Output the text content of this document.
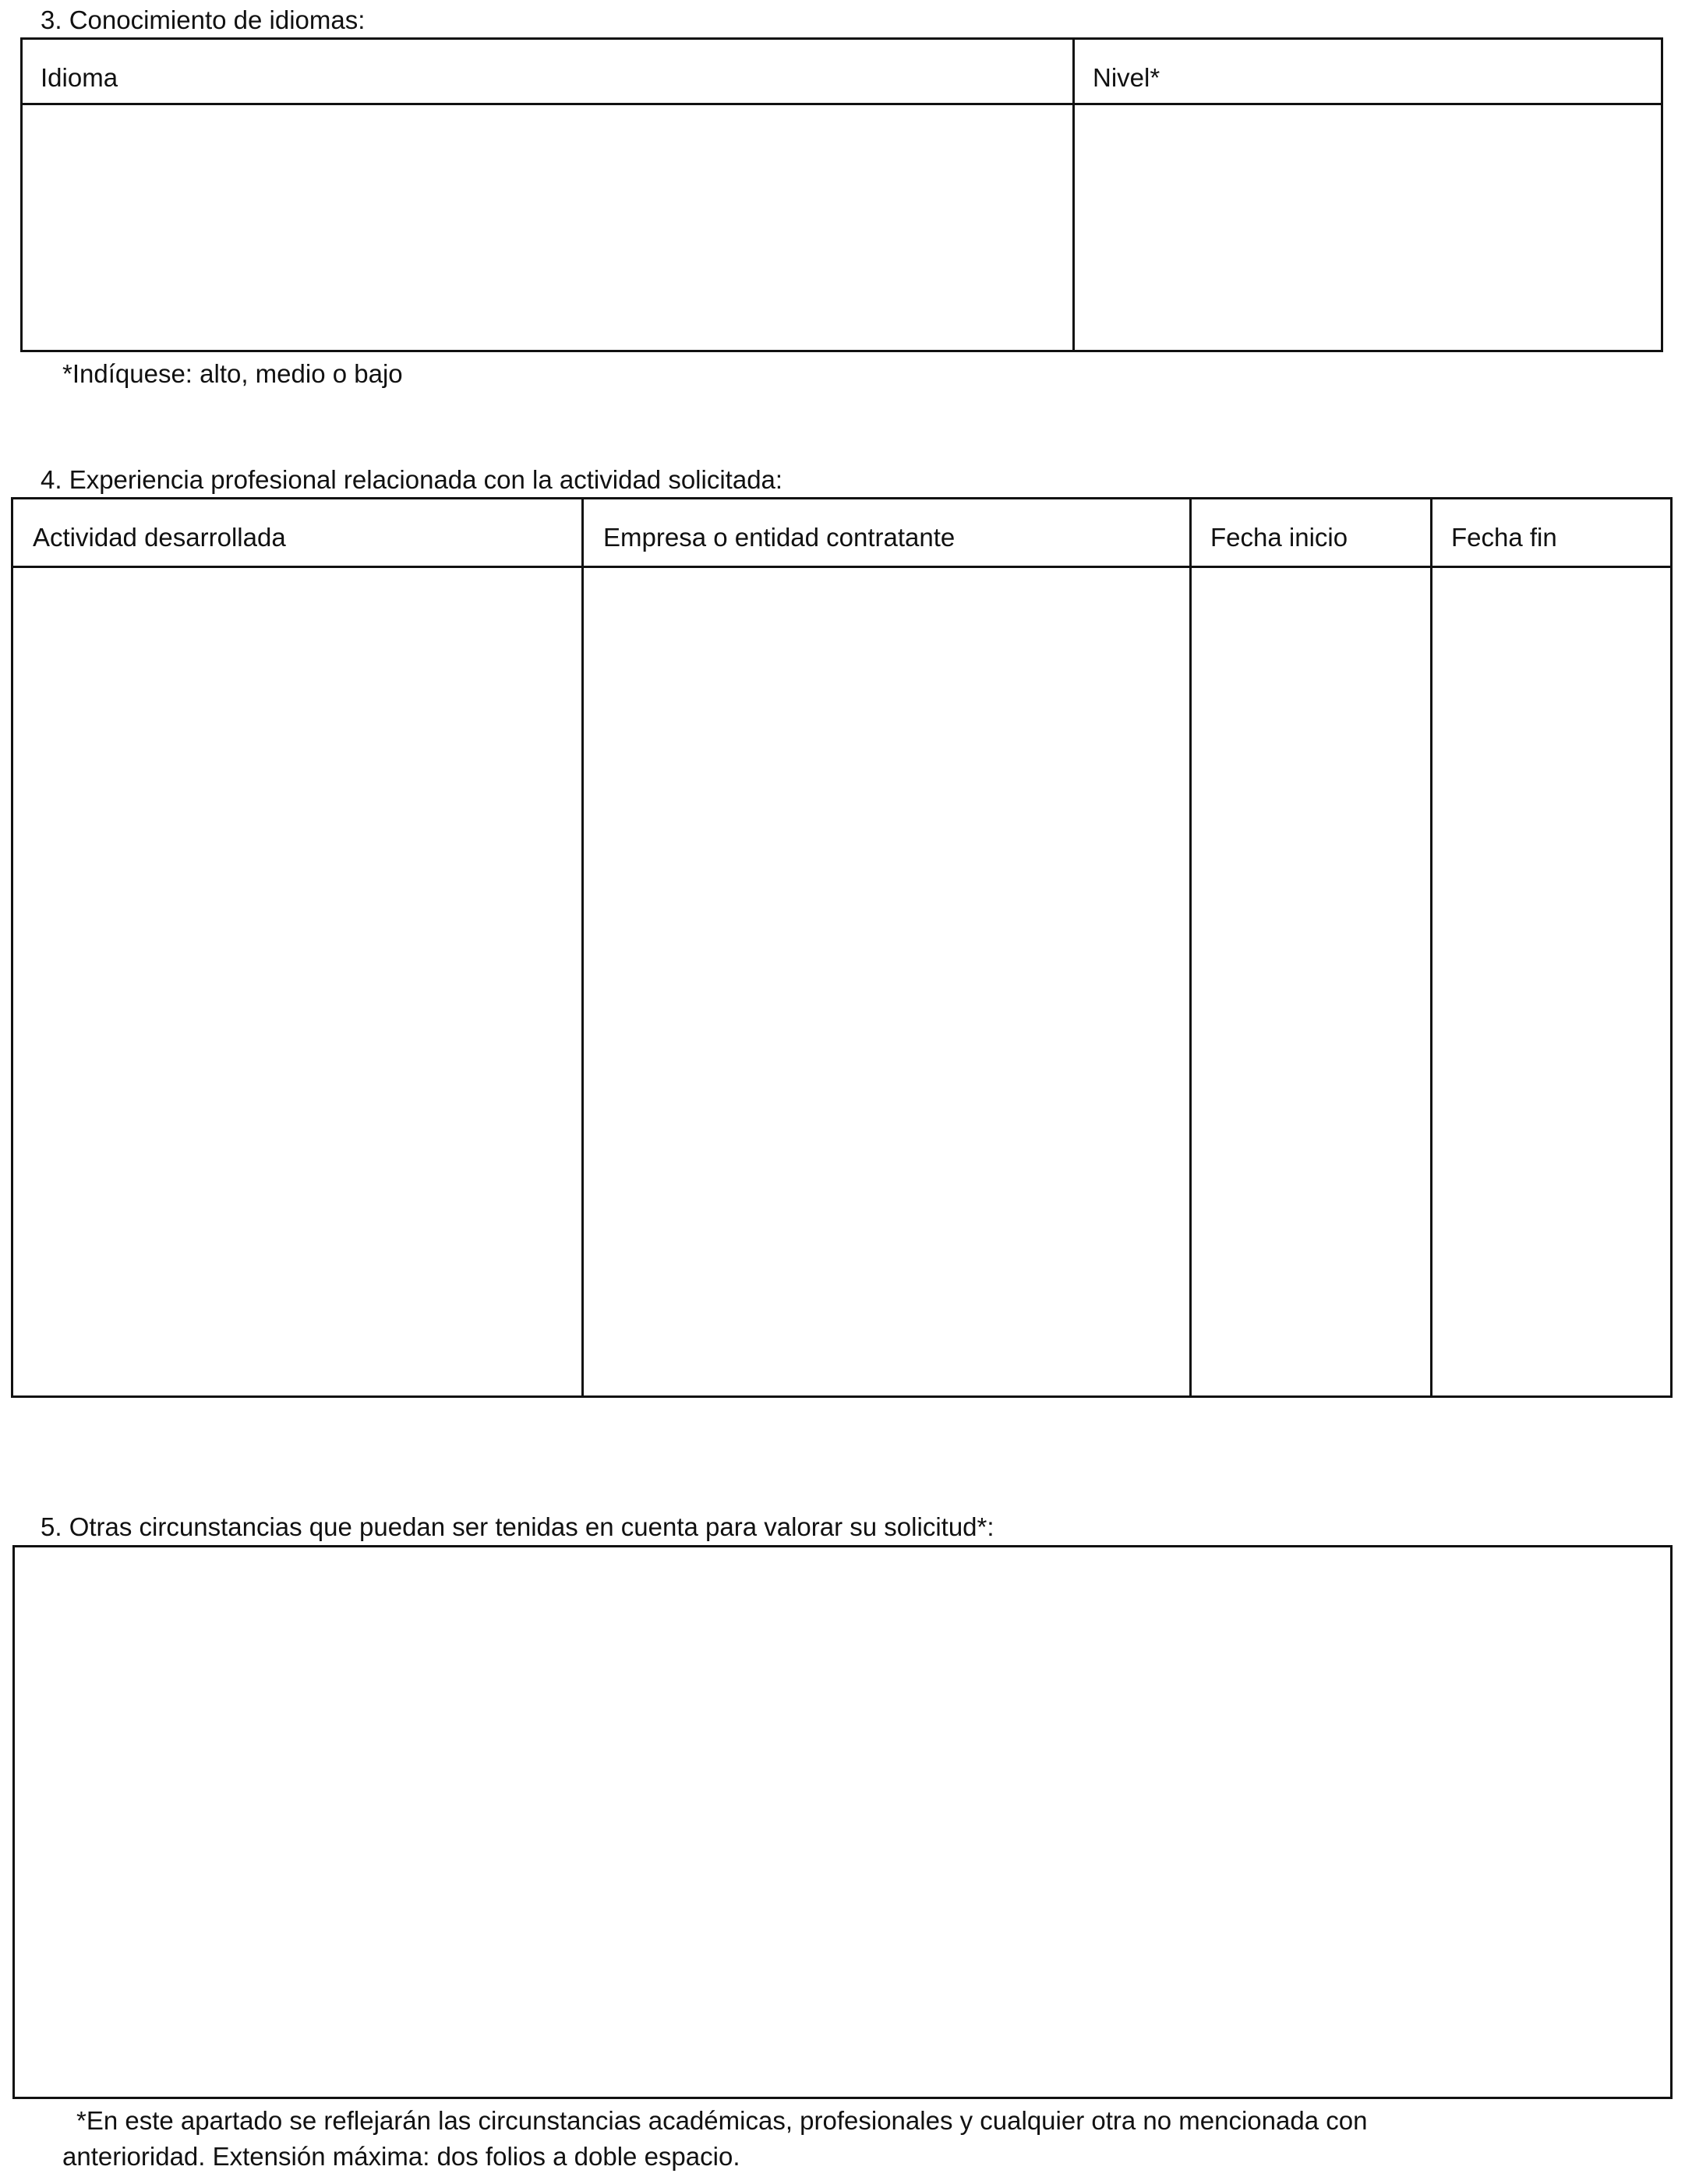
3. Conocimiento de idiomas:
Idioma	Nivel*
*Indíquese: alto, medio o bajo
4. Experiencia profesional relacionada con la actividad solicitada:
Actividad desarrollada	Empresa o entidad contratante	Fecha inicio	Fecha fin
5. Otras circunstancias que puedan ser tenidas en cuenta para valorar su solicitud*:
*En este apartado se reflejarán las circunstancias académicas, profesionales y cualquier otra no mencionada con
anterioridad. Extensión máxima: dos folios a doble espacio.
